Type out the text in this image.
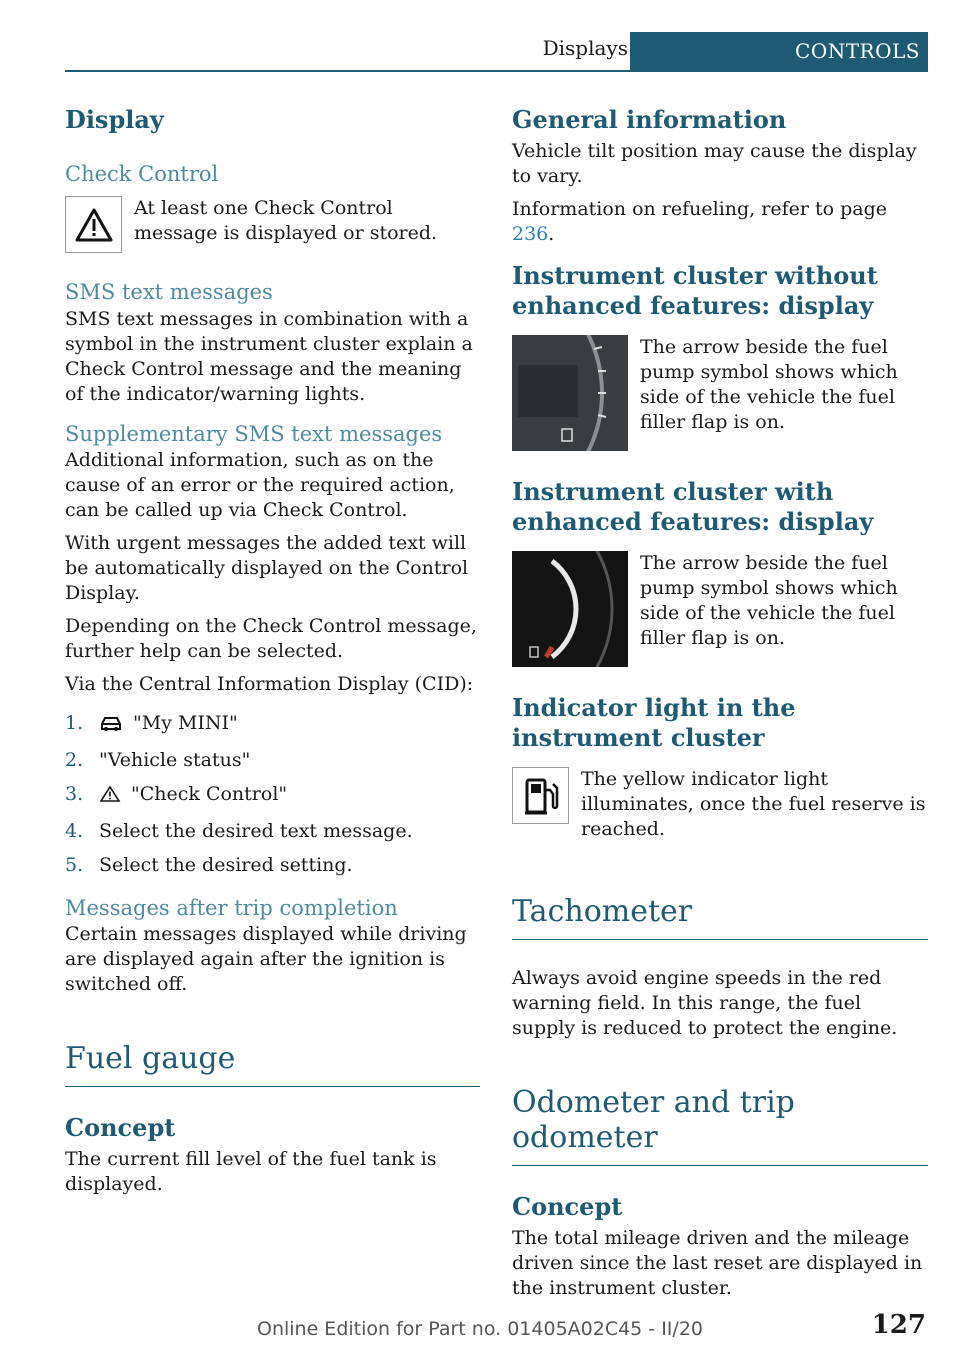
Displays	CONTROLS
Display
Check Control
At least one Check Control message is displayed or stored.
SMS text messages

SMS text messages in combination with a symbol in the instrument cluster explain a Check Control message and the meaning of the indicator/warning lights.

Supplementary SMS text messages

Additional information, such as on the cause of an error or the required action, can be called up via Check Control.

With urgent messages the added text will be automatically displayed on the Control Display.

Depending on the Check Control message, further help can be selected.

Via the Central Information Display (CID):

1.	"My MINI"
2. "Vehicle status"
3.	"Check Control"
4. Select the desired text message.
5. Select the desired setting.
Messages after trip completion

Certain messages displayed while driving are displayed again after the ignition is switched off.

Fuel gauge
Concept

The current fill level of the fuel tank is displayed.

General information

Vehicle tilt position may cause the display to vary.

Information on refueling, refer to page 236.

Instrument cluster without enhanced features: display
The arrow beside the fuel pump symbol shows which side of the vehicle the fuel filler flap is on.
Instrument cluster with enhanced features: display
The arrow beside the fuel pump symbol shows which side of the vehicle the fuel filler flap is on.
Indicator light in the instrument cluster
The yellow indicator light illuminates, once the fuel reserve is reached.
Tachometer

Always avoid engine speeds in the red warning field. In this range, the fuel supply is reduced to protect the engine.

Odometer and trip odometer
Concept

The total mileage driven and the mileage driven since the last reset are displayed in the instrument cluster.

Online Edition for Part no. 01405A02C45 - II/20	127
